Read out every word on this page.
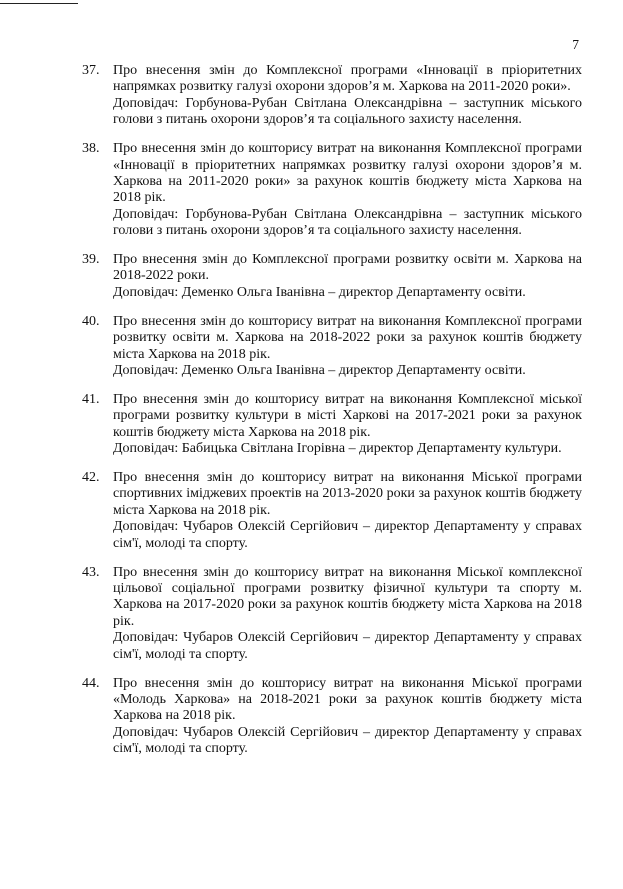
7
37. Про внесення змін до Комплексної програми «Інновації в пріоритетних напрямках розвитку галузі охорони здоров’я м. Харкова на 2011-2020 роки».

Доповідач: Горбунова-Рубан Світлана Олександрівна – заступник міського голови з питань охорони здоров’я та соціального захисту населення.

38. Про внесення змін до кошторису витрат на виконання Комплексної програми «Інновації в пріоритетних напрямках розвитку галузі охорони здоров’я м. Харкова на 2011-2020 роки» за рахунок коштів бюджету міста Харкова на 2018 рік.

Доповідач: Горбунова-Рубан Світлана Олександрівна – заступник міського голови з питань охорони здоров’я та соціального захисту населення.

39. Про внесення змін до Комплексної програми розвитку освіти м. Харкова на 2018-2022 роки.

Доповідач: Деменко Ольга Іванівна – директор Департаменту освіти.

40. Про внесення змін до кошторису витрат на виконання Комплексної програми розвитку освіти м. Харкова на 2018-2022 роки за рахунок коштів бюджету міста Харкова на 2018 рік.

Доповідач: Деменко Ольга Іванівна – директор Департаменту освіти.

41. Про внесення змін до кошторису витрат на виконання Комплексної міської програми розвитку культури в місті Харкові на 2017-2021 роки за рахунок коштів бюджету міста Харкова на 2018 рік.

Доповідач: Бабицька Світлана Ігорівна – директор Департаменту культури.

42. Про внесення змін до кошторису витрат на виконання Міської програми спортивних іміджевих проектів на 2013-2020 роки за рахунок коштів бюджету міста Харкова на 2018 рік.

Доповідач: Чубаров Олексій Сергійович – директор Департаменту у справах сім'ї, молоді та спорту.

43. Про внесення змін до кошторису витрат на виконання Міської комплексної цільової соціальної програми розвитку фізичної культури та спорту м. Харкова на 2017-2020 роки за рахунок коштів бюджету міста Харкова на 2018 рік.

Доповідач: Чубаров Олексій Сергійович – директор Департаменту у справах сім'ї, молоді та спорту.

44. Про внесення змін до кошторису витрат на виконання Міської програми «Молодь Харкова» на 2018-2021 роки за рахунок коштів бюджету міста Харкова на 2018 рік.

Доповідач: Чубаров Олексій Сергійович – директор Департаменту у справах сім'ї, молоді та спорту.
